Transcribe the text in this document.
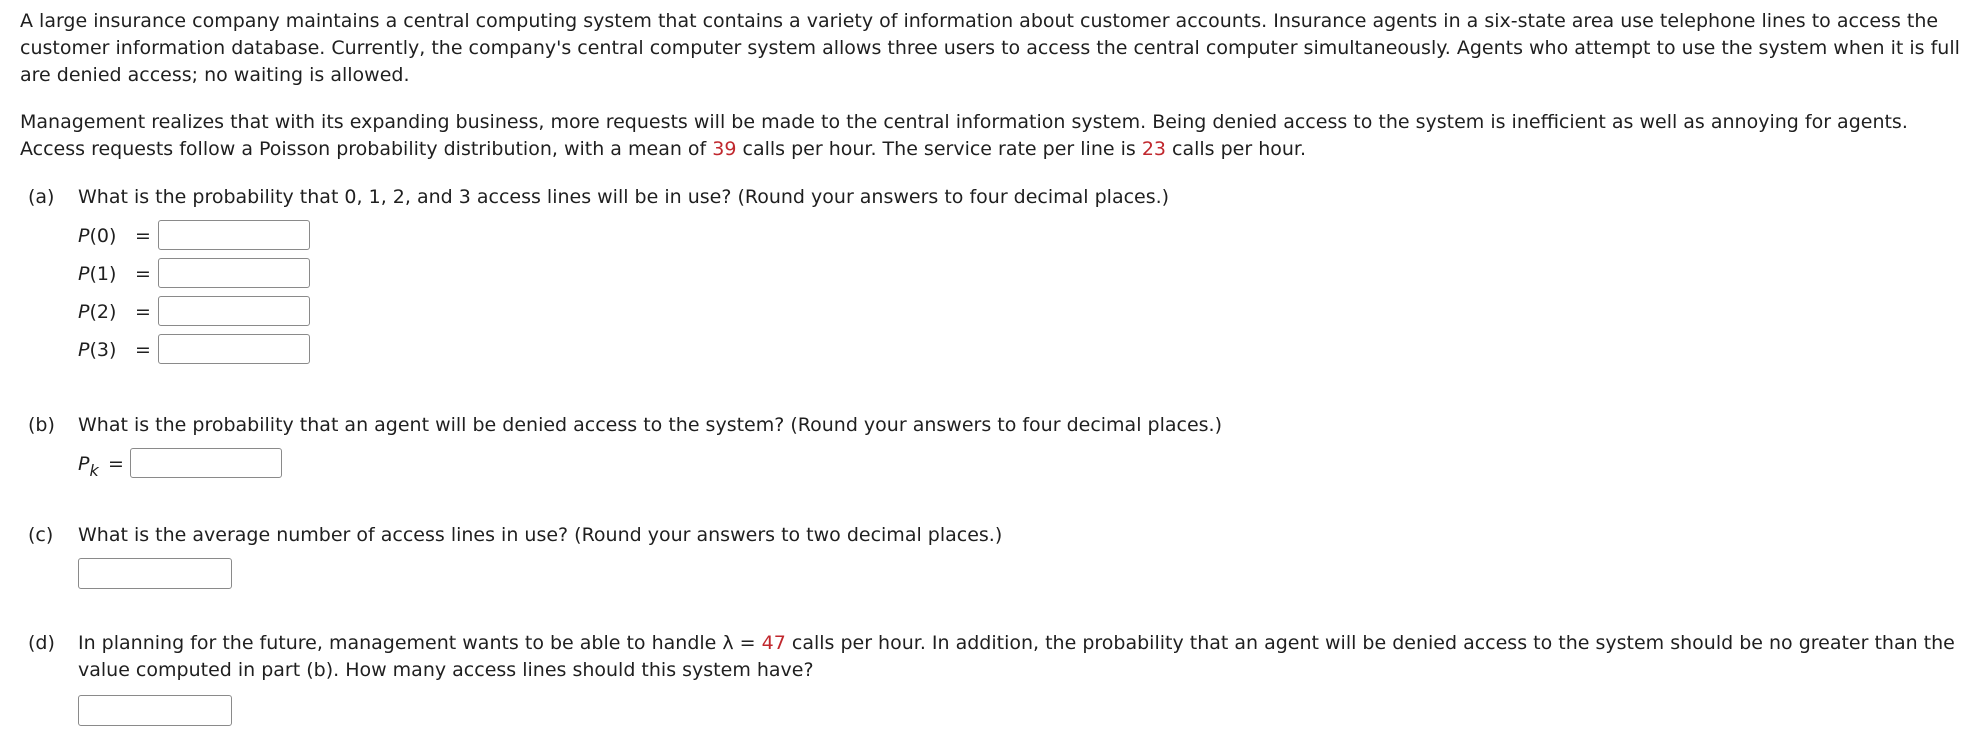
A large insurance company maintains a central computing system that contains a variety of information about customer accounts. Insurance agents in a six-state area use telephone lines to access the customer information database. Currently, the company's central computer system allows three users to access the central computer simultaneously. Agents who attempt to use the system when it is full are denied access; no waiting is allowed.

Management realizes that with its expanding business, more requests will be made to the central information system. Being denied access to the system is inefficient as well as annoying for agents. Access requests follow a Poisson probability distribution, with a mean of 39 calls per hour. The service rate per line is 23 calls per hour.

(a) What is the probability that 0, 1, 2, and 3 access lines will be in use? (Round your answers to four decimal places.)
P(0) =
P(1) =
P(2) =
P(3) =
(b) What is the probability that an agent will be denied access to the system? (Round your answers to four decimal places.)
$P_k$ =
(c) What is the average number of access lines in use? (Round your answers to two decimal places.)
(d) In planning for the future, management wants to be able to handle λ = 47 calls per hour. In addition, the probability that an agent will be denied access to the system should be no greater than the value computed in part (b). How many access lines should this system have?
